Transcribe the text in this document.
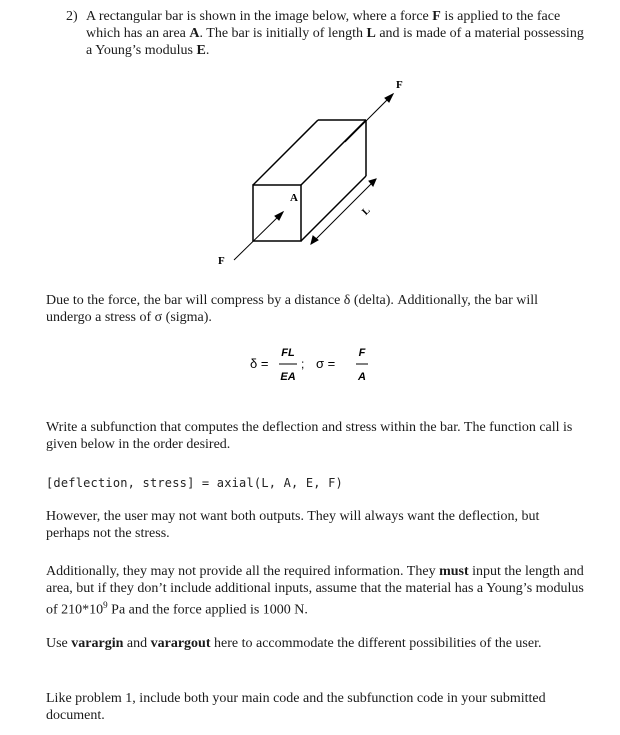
2) A rectangular bar is shown in the image below, where a force F is applied to the face which has an area A. The bar is initially of length L and is made of a material possessing a Young’s modulus E.
F
A
F
L

Due to the force, the bar will compress by a distance δ (delta). Additionally, the bar will undergo a stress of σ (sigma).

δ =
FL
EA
; σ =
F
A

Write a subfunction that computes the deflection and stress within the bar. The function call is given below in the order desired.

[deflection, stress] = axial(L, A, E, F)

However, the user may not want both outputs. They will always want the deflection, but perhaps not the stress.

Additionally, they may not provide all the required information. They must input the length and area, but if they don’t include additional inputs, assume that the material has a Young’s modulus of $210*10^9$ Pa and the force applied is 1000 N.

Use varargin and varargout here to accommodate the different possibilities of the user.

Like problem 1, include both your main code and the subfunction code in your submitted document.
